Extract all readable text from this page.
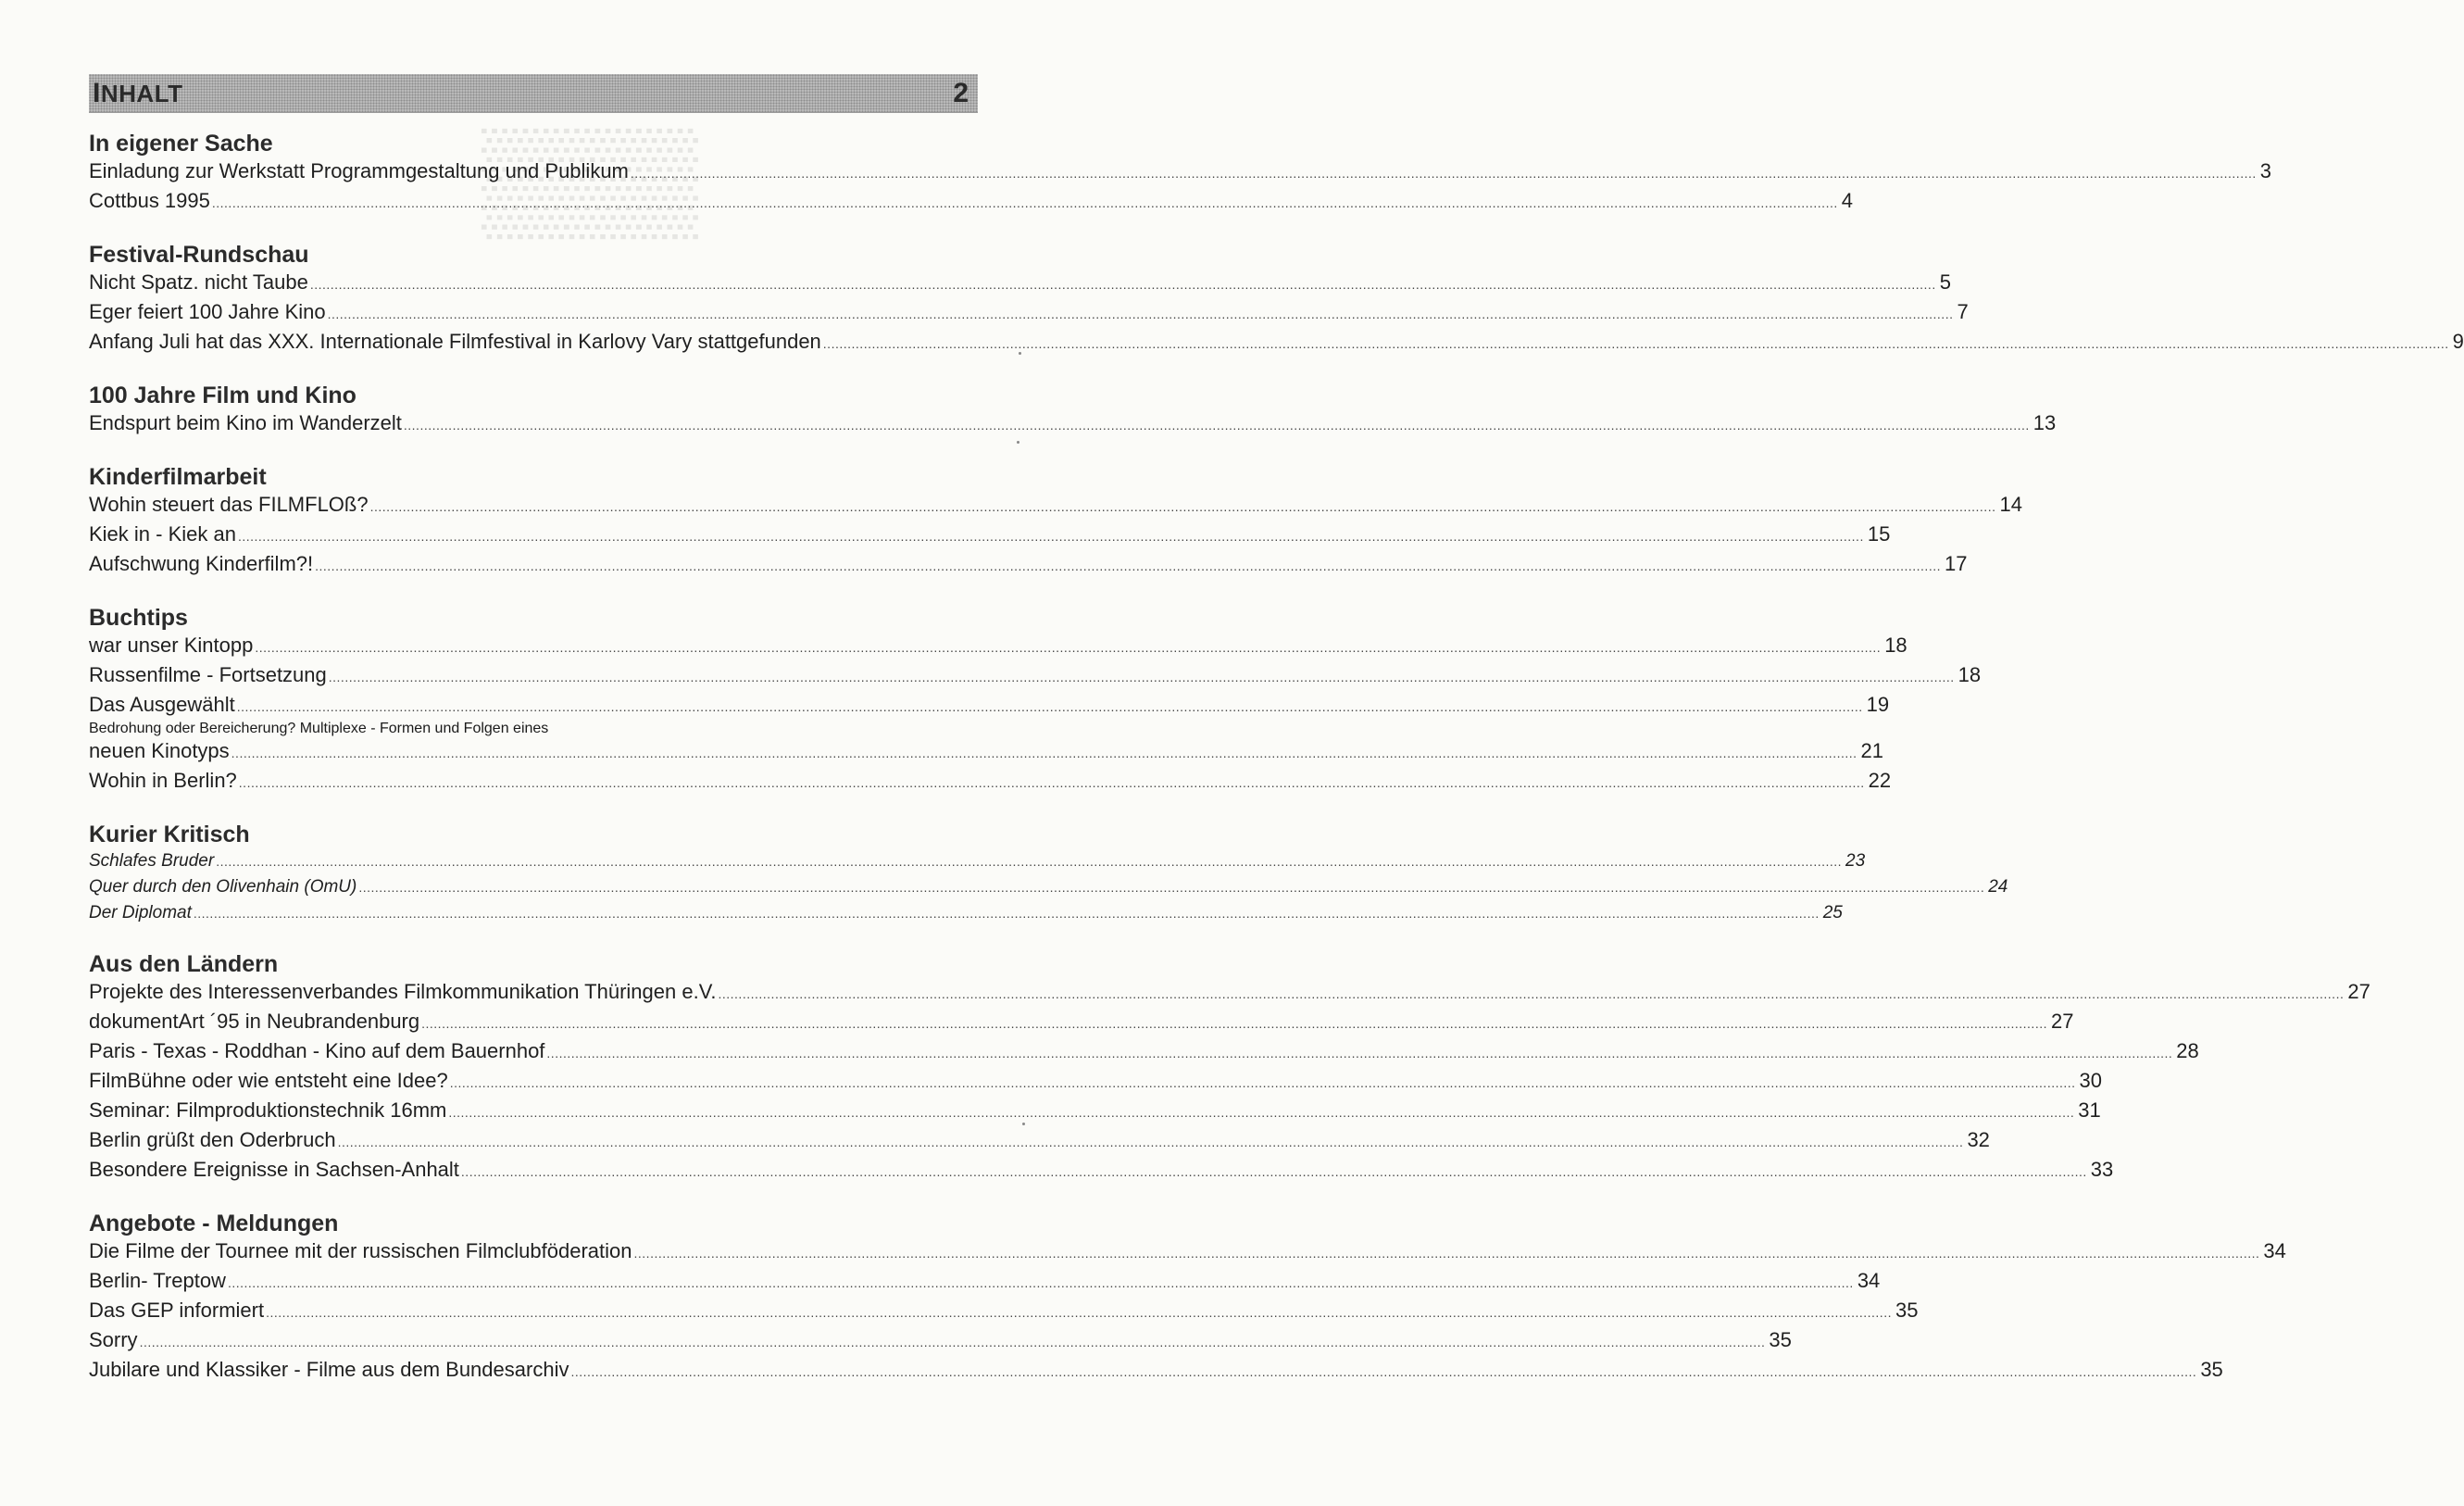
▒▒▒
INHALT	2
In eigener Sache
Einladung zur Werkstatt Programmgestaltung und Publikum ................................................................................................................................................................................................................................................................................................................................................................................................................ 3
Cottbus 1995 ................................................................................................................................................................................................................................................................................................................................................................................................................ 4
Festival-Rundschau
Nicht Spatz. nicht Taube ................................................................................................................................................................................................................................................................................................................................................................................................................ 5
Eger feiert 100 Jahre Kino ................................................................................................................................................................................................................................................................................................................................................................................................................ 7
Anfang Juli hat das XXX. Internationale Filmfestival in Karlovy Vary stattgefunden ................................................................................................................................................................................................................................................................................................................................................................................................................ 9
100 Jahre Film und Kino
Endspurt beim Kino im Wanderzelt ................................................................................................................................................................................................................................................................................................................................................................................................................ 13
Kinderfilmarbeit
Wohin steuert das FILMFLOß? ................................................................................................................................................................................................................................................................................................................................................................................................................ 14
Kiek in - Kiek an ................................................................................................................................................................................................................................................................................................................................................................................................................ 15
Aufschwung Kinderfilm?! ................................................................................................................................................................................................................................................................................................................................................................................................................ 17
Buchtips
war unser Kintopp ................................................................................................................................................................................................................................................................................................................................................................................................................ 18
Russenfilme - Fortsetzung ................................................................................................................................................................................................................................................................................................................................................................................................................ 18
Das Ausgewählt ................................................................................................................................................................................................................................................................................................................................................................................................................ 19
Bedrohung oder Bereicherung? Multiplexe - Formen und Folgen eines
neuen Kinotyps ................................................................................................................................................................................................................................................................................................................................................................................................................ 21
Wohin in Berlin? ................................................................................................................................................................................................................................................................................................................................................................................................................ 22
Kurier Kritisch
Schlafes Bruder ................................................................................................................................................................................................................................................................................................................................................................................................................ 23
Quer durch den Olivenhain (OmU) ................................................................................................................................................................................................................................................................................................................................................................................................................ 24
Der Diplomat ................................................................................................................................................................................................................................................................................................................................................................................................................ 25
Aus den Ländern
Projekte des Interessenverbandes Filmkommunikation Thüringen e.V. ................................................................................................................................................................................................................................................................................................................................................................................................................ 27
dokumentArt ´95 in Neubrandenburg ................................................................................................................................................................................................................................................................................................................................................................................................................ 27
Paris - Texas - Roddhan - Kino auf dem Bauernhof ................................................................................................................................................................................................................................................................................................................................................................................................................ 28
FilmBühne oder wie entsteht eine Idee? ................................................................................................................................................................................................................................................................................................................................................................................................................ 30
Seminar: Filmproduktionstechnik 16mm ................................................................................................................................................................................................................................................................................................................................................................................................................ 31
Berlin grüßt den Oderbruch ................................................................................................................................................................................................................................................................................................................................................................................................................ 32
Besondere Ereignisse in Sachsen-Anhalt ................................................................................................................................................................................................................................................................................................................................................................................................................ 33
Angebote - Meldungen
Die Filme der Tournee mit der russischen Filmclubföderation ................................................................................................................................................................................................................................................................................................................................................................................................................ 34
Berlin- Treptow ................................................................................................................................................................................................................................................................................................................................................................................................................ 34
Das GEP informiert ................................................................................................................................................................................................................................................................................................................................................................................................................ 35
Sorry ................................................................................................................................................................................................................................................................................................................................................................................................................ 35
Jubilare und Klassiker - Filme aus dem Bundesarchiv ................................................................................................................................................................................................................................................................................................................................................................................................................ 35
